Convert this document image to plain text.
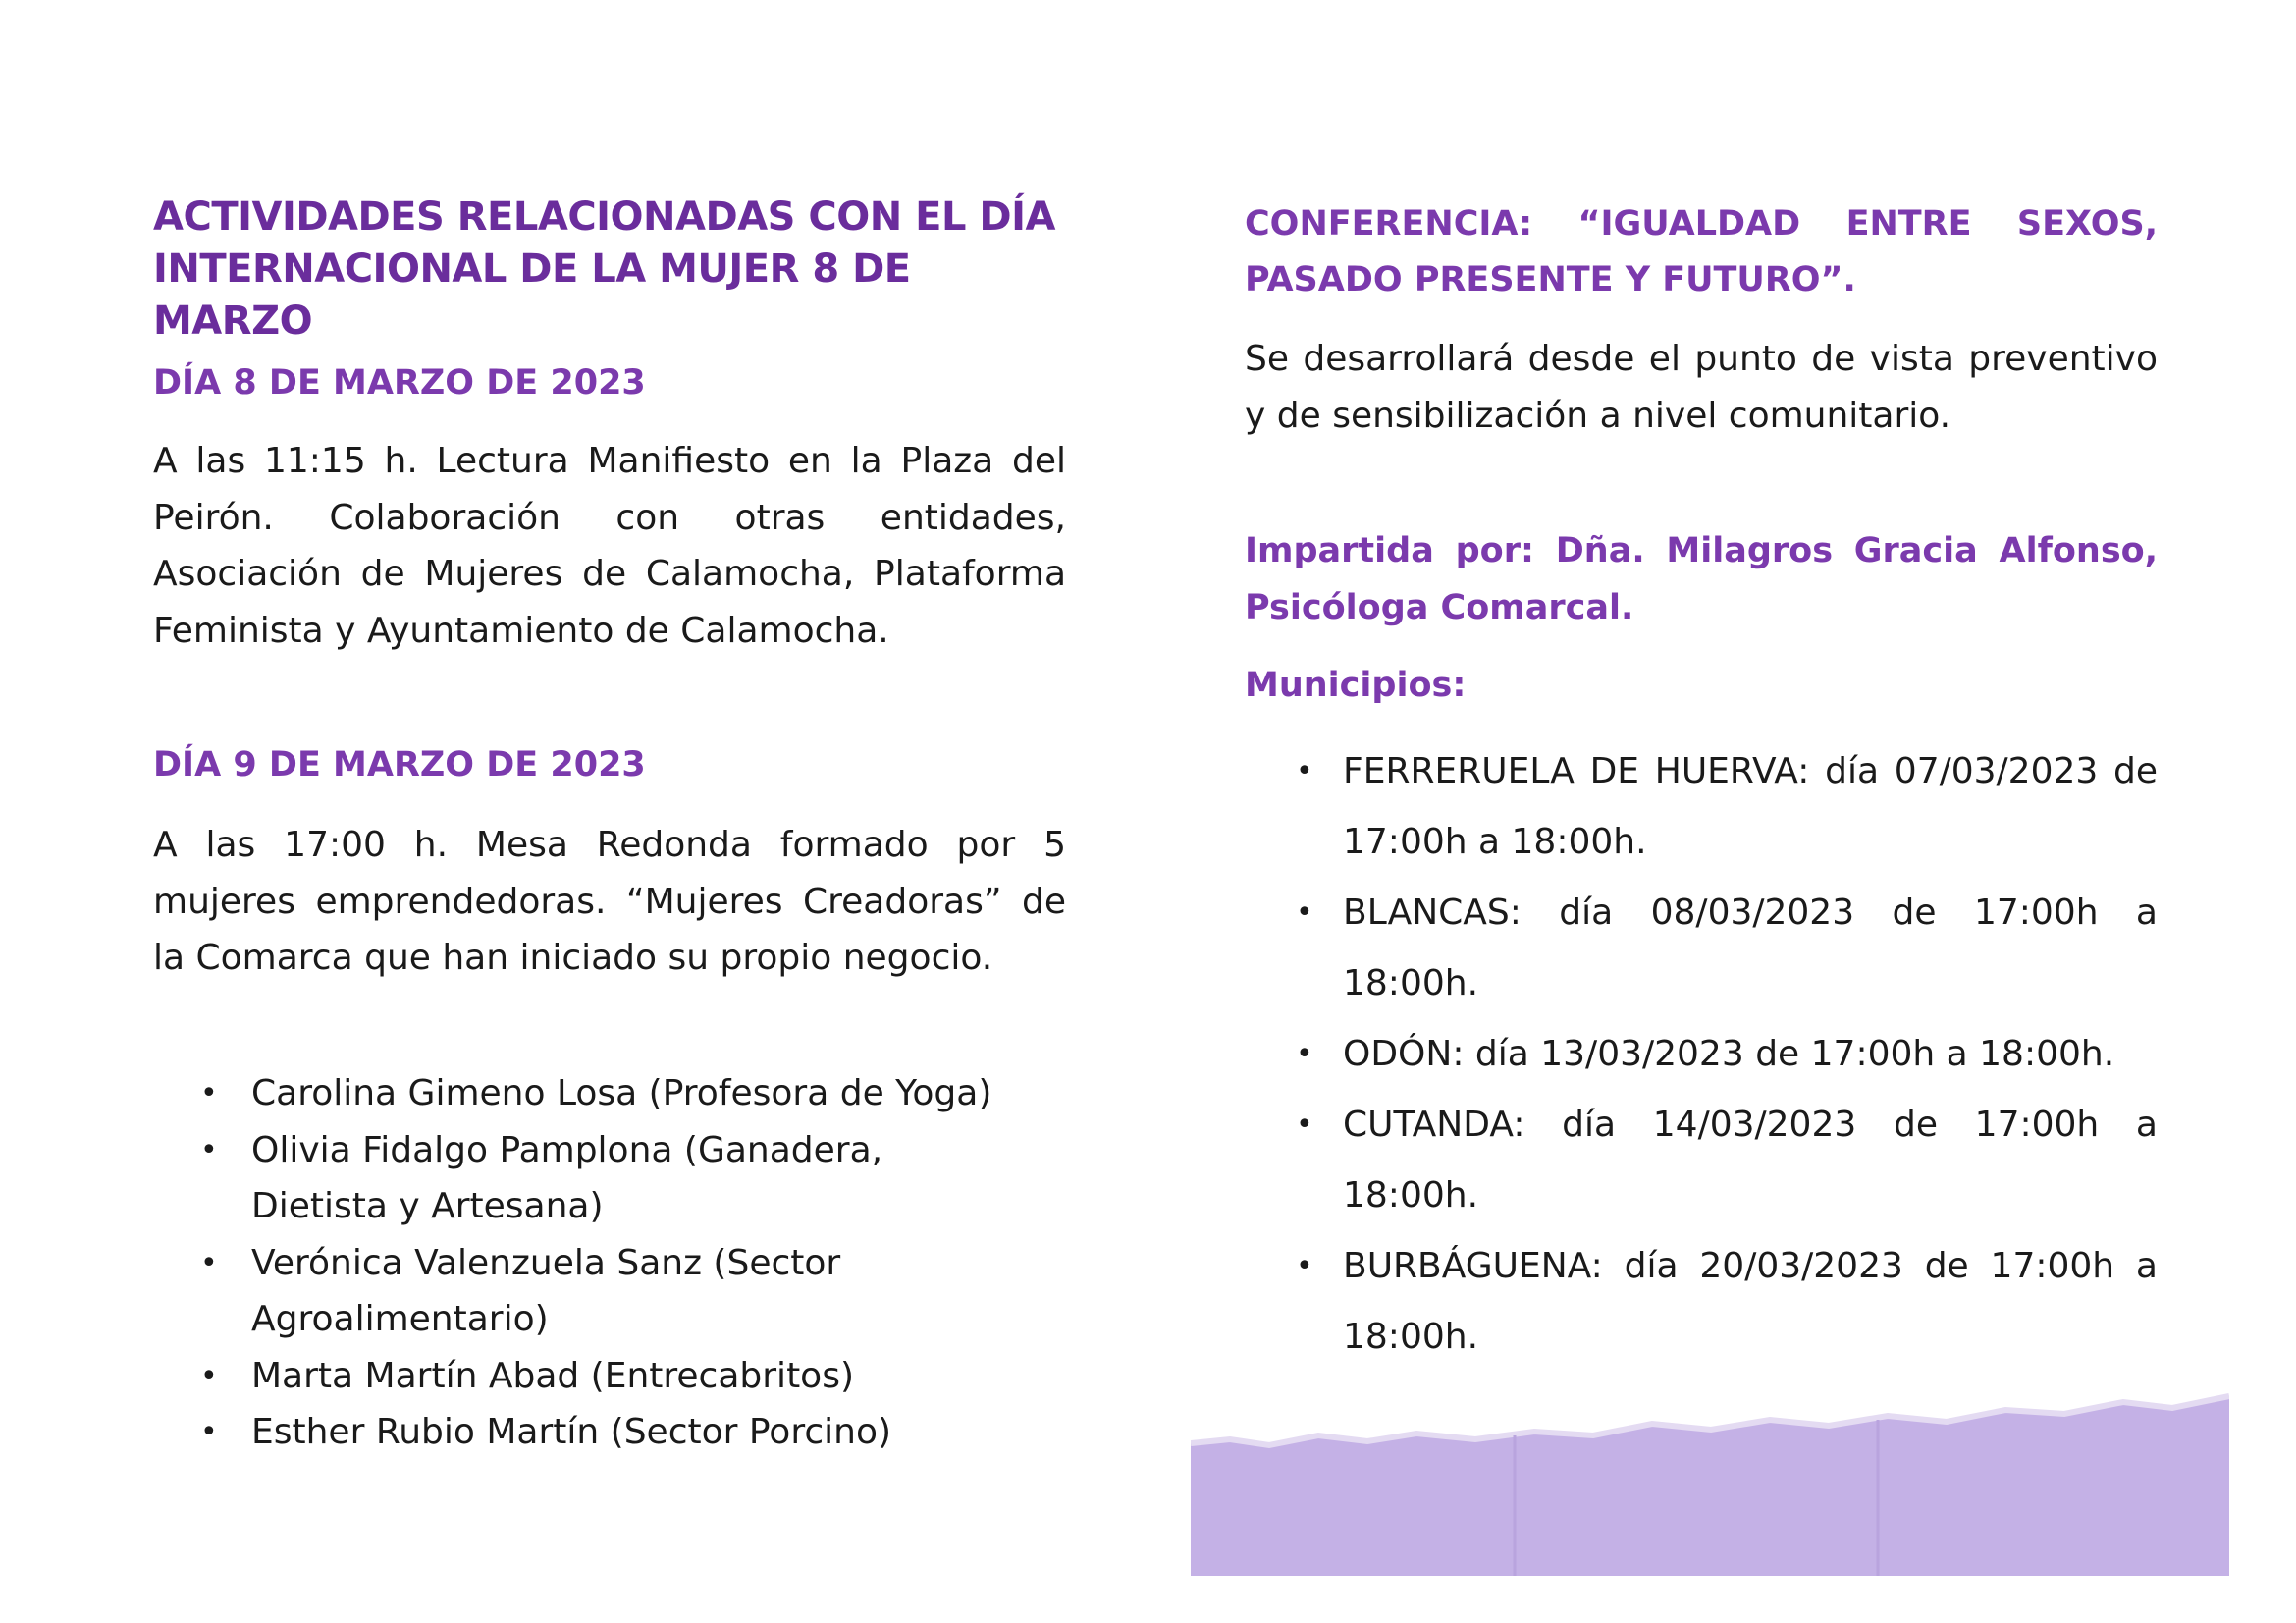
ACTIVIDADES RELACIONADAS CON EL DÍA
INTERNACIONAL DE LA MUJER 8 DE MARZO
DÍA 8 DE MARZO DE 2023

A las 11:15 h. Lectura Manifiesto en la Plaza del Peirón. Colaboración con otras entidades, Asociación de Mujeres de Calamocha, Plataforma Feminista y Ayuntamiento de Calamocha.

DÍA 9 DE MARZO DE 2023

A las 17:00 h. Mesa Redonda formado por 5 mujeres emprendedoras. “Mujeres Creadoras” de la Comarca que han iniciado su propio negocio.

• Carolina Gimeno Losa (Profesora de Yoga)
• Olivia Fidalgo Pamplona (Ganadera, Dietista y Artesana)
• Verónica Valenzuela Sanz (Sector Agroalimentario)
• Marta Martín Abad (Entrecabritos)
• Esther Rubio Martín (Sector Porcino)
CONFERENCIA: “IGUALDAD ENTRE SEXOS, PASADO PRESENTE Y FUTURO”.

Se desarrollará desde el punto de vista preventivo y de sensibilización a nivel comunitario.

Impartida por: Dña. Milagros Gracia Alfonso, Psicóloga Comarcal.

Municipios:

• FERRERUELA DE HUERVA: día 07/03/2023 de 17:00h a 18:00h.
• BLANCAS: día 08/03/2023 de 17:00h a 18:00h.
• ODÓN: día 13/03/2023 de 17:00h a 18:00h.
• CUTANDA: día 14/03/2023 de 17:00h a 18:00h.
• BURBÁGUENA: día 20/03/2023 de 17:00h a 18:00h.
